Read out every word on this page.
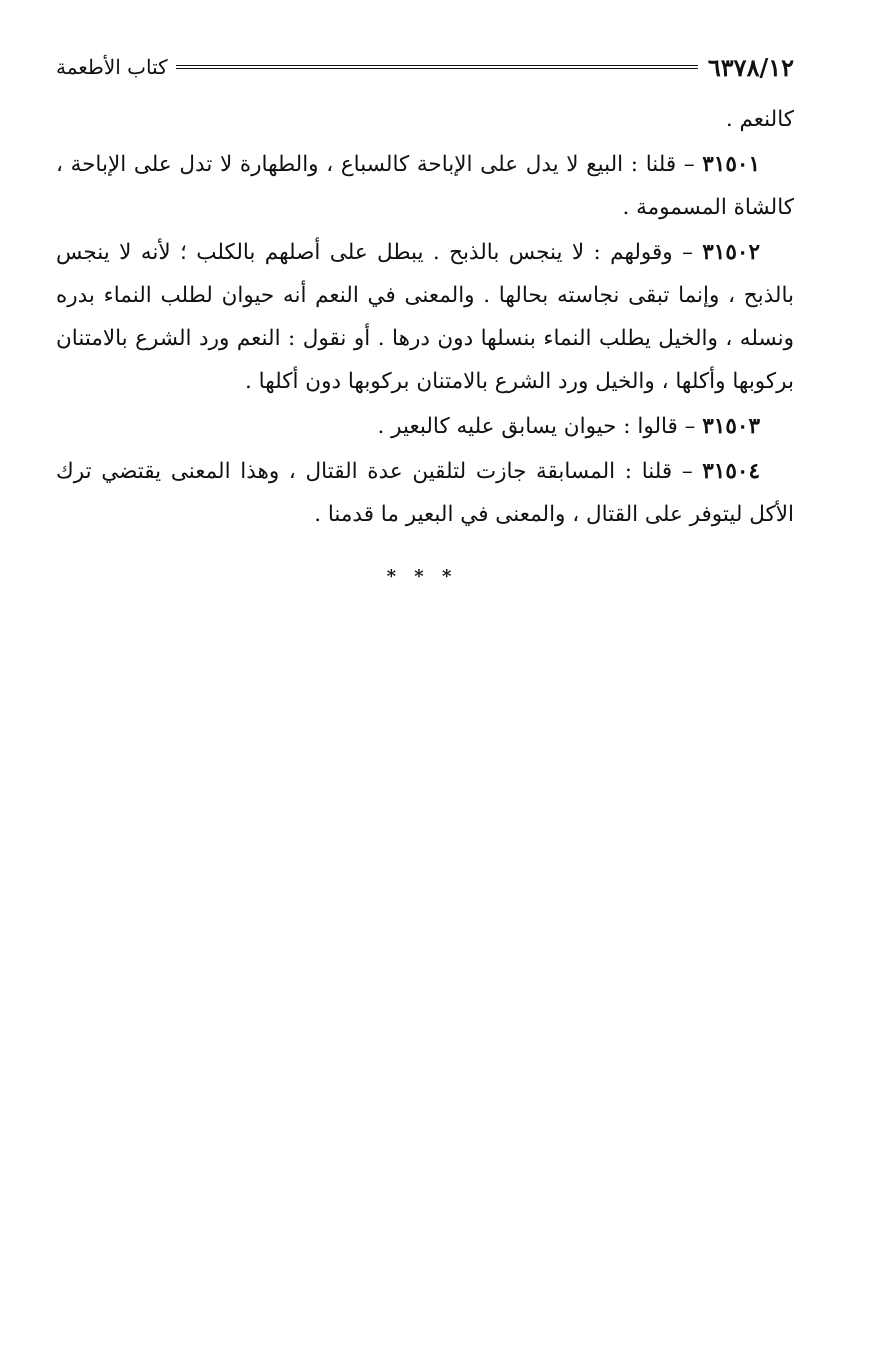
٦٣٧٨/١٢
كتاب الأطعمة

كالنعم .

٣١٥٠١ – قلنا : البيع لا يدل على الإباحة كالسباع ، والطهارة لا تدل على الإباحة ، كالشاة المسمومة .

٣١٥٠٢ – وقولهم : لا ينجس بالذبح . يبطل على أصلهم بالكلب ؛ لأنه لا ينجس بالذبح ، وإنما تبقى نجاسته بحالها . والمعنى في النعم أنه حيوان لطلب النماء بدره ونسله ، والخيل يطلب النماء بنسلها دون درها . أو نقول : النعم ورد الشرع بالامتنان بركوبها وأكلها ، والخيل ورد الشرع بالامتنان بركوبها دون أكلها .

٣١٥٠٣ – قالوا : حيوان يسابق عليه كالبعير .

٣١٥٠٤ – قلنا : المسابقة جازت لتلقين عدة القتال ، وهذا المعنى يقتضي ترك الأكل ليتوفر على القتال ، والمعنى في البعير ما قدمنا .

* * *
